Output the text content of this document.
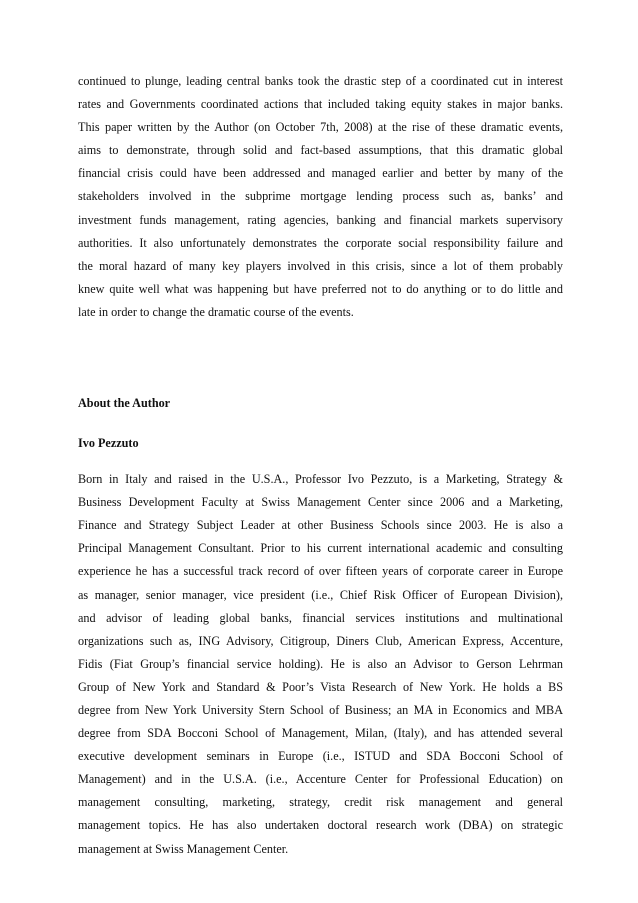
continued to plunge, leading central banks took the drastic step of a coordinated cut in interest
rates and Governments coordinated actions that included taking equity stakes in major banks.
This paper written by the Author (on October 7th, 2008) at the rise of these dramatic events,
aims to demonstrate, through solid and fact-based assumptions, that this dramatic global
financial crisis could have been addressed and managed earlier and better by many of the
stakeholders involved in the subprime mortgage lending process such as, banks’ and
investment funds management, rating agencies, banking and financial markets supervisory
authorities. It also unfortunately demonstrates the corporate social responsibility failure and
the moral hazard of many key players involved in this crisis, since a lot of them probably
knew quite well what was happening but have preferred not to do anything or to do little and
late in order to change the dramatic course of the events.

About the Author
Ivo Pezzuto

Born in Italy and raised in the U.S.A., Professor Ivo Pezzuto, is a Marketing, Strategy &
Business Development Faculty at Swiss Management Center since 2006 and a Marketing,
Finance and Strategy Subject Leader at other Business Schools since 2003. He is also a
Principal Management Consultant. Prior to his current international academic and consulting
experience he has a successful track record of over fifteen years of corporate career in Europe
as manager, senior manager, vice president (i.e., Chief Risk Officer of European Division),
and advisor of leading global banks, financial services institutions and multinational
organizations such as, ING Advisory, Citigroup, Diners Club, American Express, Accenture,
Fidis (Fiat Group’s financial service holding). He is also an Advisor to Gerson Lehrman
Group of New York and Standard & Poor’s Vista Research of New York. He holds a BS
degree from New York University Stern School of Business; an MA in Economics and MBA
degree from SDA Bocconi School of Management, Milan, (Italy), and has attended several
executive development seminars in Europe (i.e., ISTUD and SDA Bocconi School of
Management) and in the U.S.A. (i.e., Accenture Center for Professional Education) on
management consulting, marketing, strategy, credit risk management and general
management topics. He has also undertaken doctoral research work (DBA) on strategic
management at Swiss Management Center.
